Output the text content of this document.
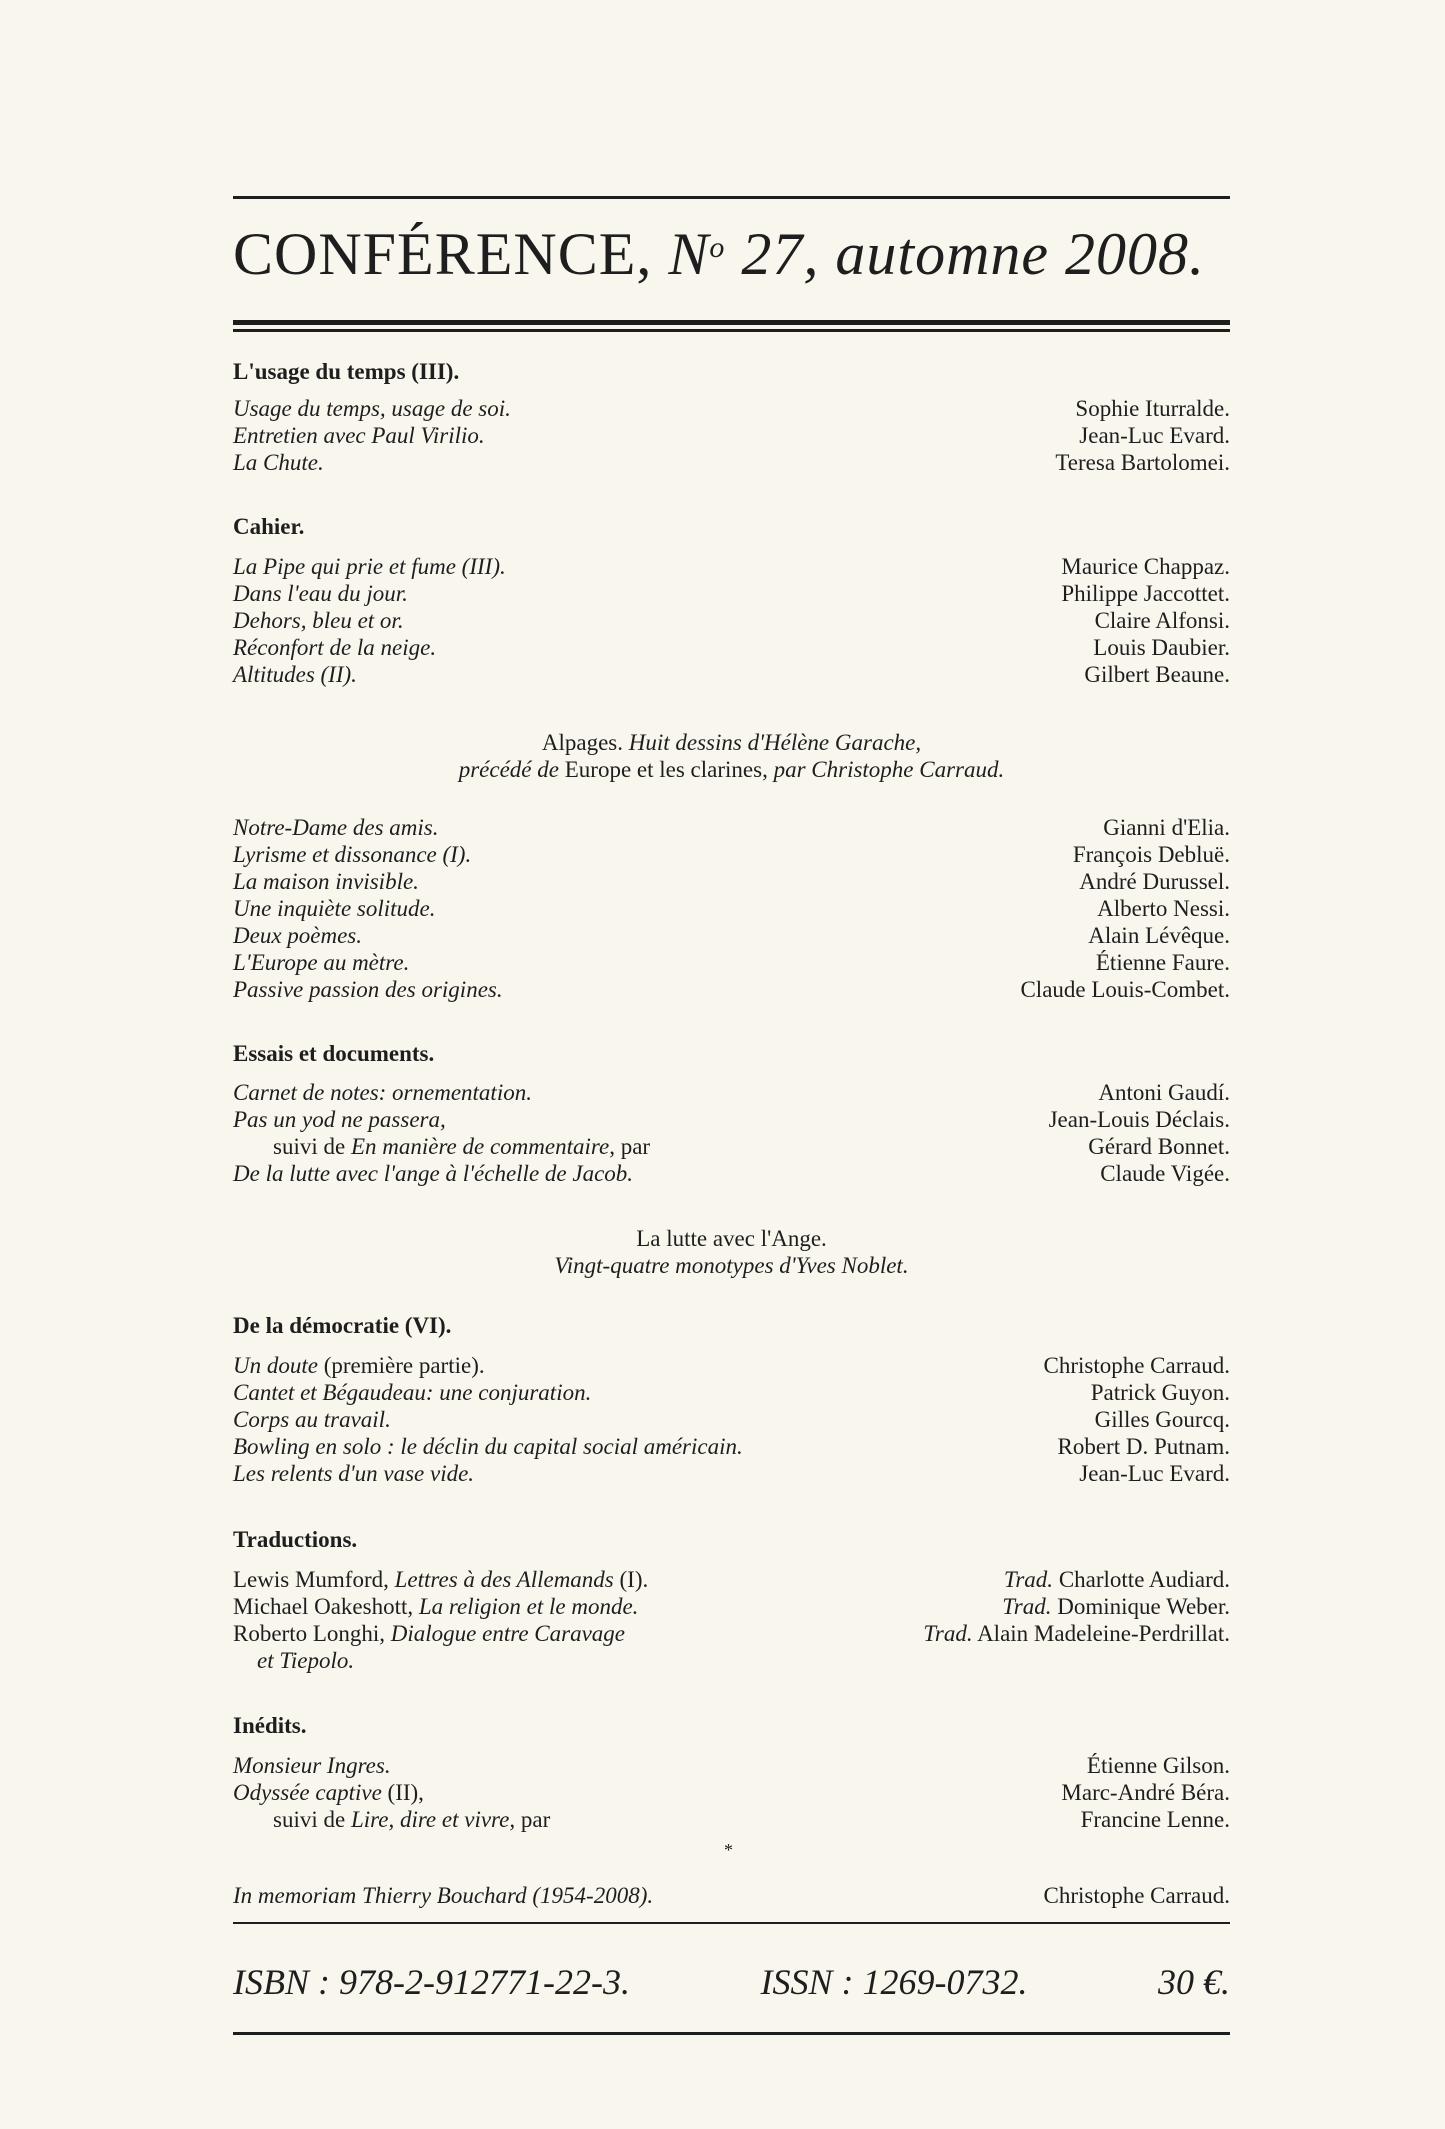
CONFÉRENCE, $N^o$ 27, automne 2008.
L'usage du temps (III).
Usage du temps, usage de soi.	Sophie Iturralde.
Entretien avec Paul Virilio.	Jean-Luc Evard.
La Chute.	Teresa Bartolomei.
Cahier.
La Pipe qui prie et fume (III).	Maurice Chappaz.
Dans l'eau du jour.	Philippe Jaccottet.
Dehors, bleu et or.	Claire Alfonsi.
Réconfort de la neige.	Louis Daubier.
Altitudes (II).	Gilbert Beaune.
Alpages. Huit dessins d'Hélène Garache,
précédé de Europe et les clarines, par Christophe Carraud.
Notre-Dame des amis.	Gianni d'Elia.
Lyrisme et dissonance (I).	François Debluë.
La maison invisible.	André Durussel.
Une inquiète solitude.	Alberto Nessi.
Deux poèmes.	Alain Lévêque.
L'Europe au mètre.	Étienne Faure.
Passive passion des origines.	Claude Louis-Combet.
Essais et documents.
Carnet de notes: ornementation.	Antoni Gaudí.
Pas un yod ne passera,	Jean-Louis Déclais.
suivi de En manière de commentaire, par	Gérard Bonnet.
De la lutte avec l'ange à l'échelle de Jacob.	Claude Vigée.
La lutte avec l'Ange.
Vingt-quatre monotypes d'Yves Noblet.
De la démocratie (VI).
Un doute (première partie).	Christophe Carraud.
Cantet et Bégaudeau: une conjuration.	Patrick Guyon.
Corps au travail.	Gilles Gourcq.
Bowling en solo : le déclin du capital social américain.	Robert D. Putnam.
Les relents d'un vase vide.	Jean-Luc Evard.
Traductions.
Lewis Mumford, Lettres à des Allemands (I).	Trad. Charlotte Audiard.
Michael Oakeshott, La religion et le monde.	Trad. Dominique Weber.
Roberto Longhi, Dialogue entre Caravage	Trad. Alain Madeleine-Perdrillat.
et Tiepolo.
Inédits.
Monsieur Ingres.	Étienne Gilson.
Odyssée captive (II),	Marc-André Béra.
suivi de Lire, dire et vivre, par	Francine Lenne.
*
In memoriam Thierry Bouchard (1954-2008).	Christophe Carraud.
ISBN : 978-2-912771-22-3.	ISSN : 1269-0732.	30 €.
